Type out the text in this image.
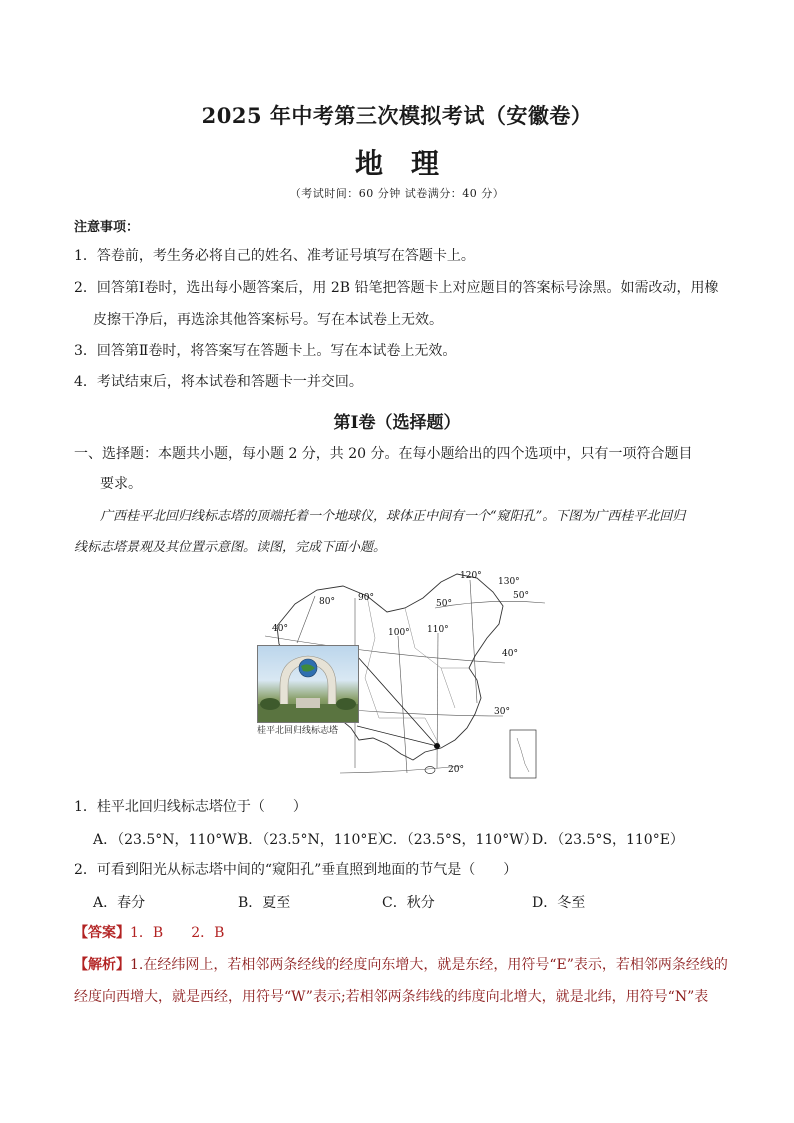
2025 年中考第三次模拟考试（安徽卷）
地理
（考试时间：60 分钟 试卷满分：40 分）
注意事项：
1．答卷前，考生务必将自己的姓名、准考证号填写在答题卡上。
2．回答第Ⅰ卷时，选出每小题答案后，用 2B 铅笔把答题卡上对应题目的答案标号涂黑。如需改动，用橡
皮擦干净后，再选涂其他答案标号。写在本试卷上无效。
3．回答第Ⅱ卷时，将答案写在答题卡上。写在本试卷上无效。
4．考试结束后，将本试卷和答题卡一并交回。
第Ⅰ卷（选择题）
一、选择题：本题共小题，每小题 2 分，共 20 分。在每小题给出的四个选项中，只有一项符合题目
要求。
广西桂平北回归线标志塔的顶端托着一个地球仪，球体正中间有一个“窥阳孔”。下图为广西桂平北回归
线标志塔景观及其位置示意图。读图，完成下面小题。
120°
130°
80°	90°
50°
50°
100° 110°
40°
40°
30°
20°
桂平北回归线标志塔
1．桂平北回归线标志塔位于（　　）
A．（23.5°N，110°W）
B．（23.5°N，110°E）
C．（23.5°S，110°W）
D．（23.5°S，110°E）
2．可看到阳光从标志塔中间的“窥阳孔”垂直照到地面的节气是（　　）
A．春分	B．夏至	C．秋分	D．冬至
【答案】1．B　　2．B
【解析】1.在经纬网上，若相邻两条经线的经度向东增大，就是东经，用符号“E”表示，若相邻两条经线的
经度向西增大，就是西经，用符号“W”表示;若相邻两条纬线的纬度向北增大，就是北纬，用符号“N”表
